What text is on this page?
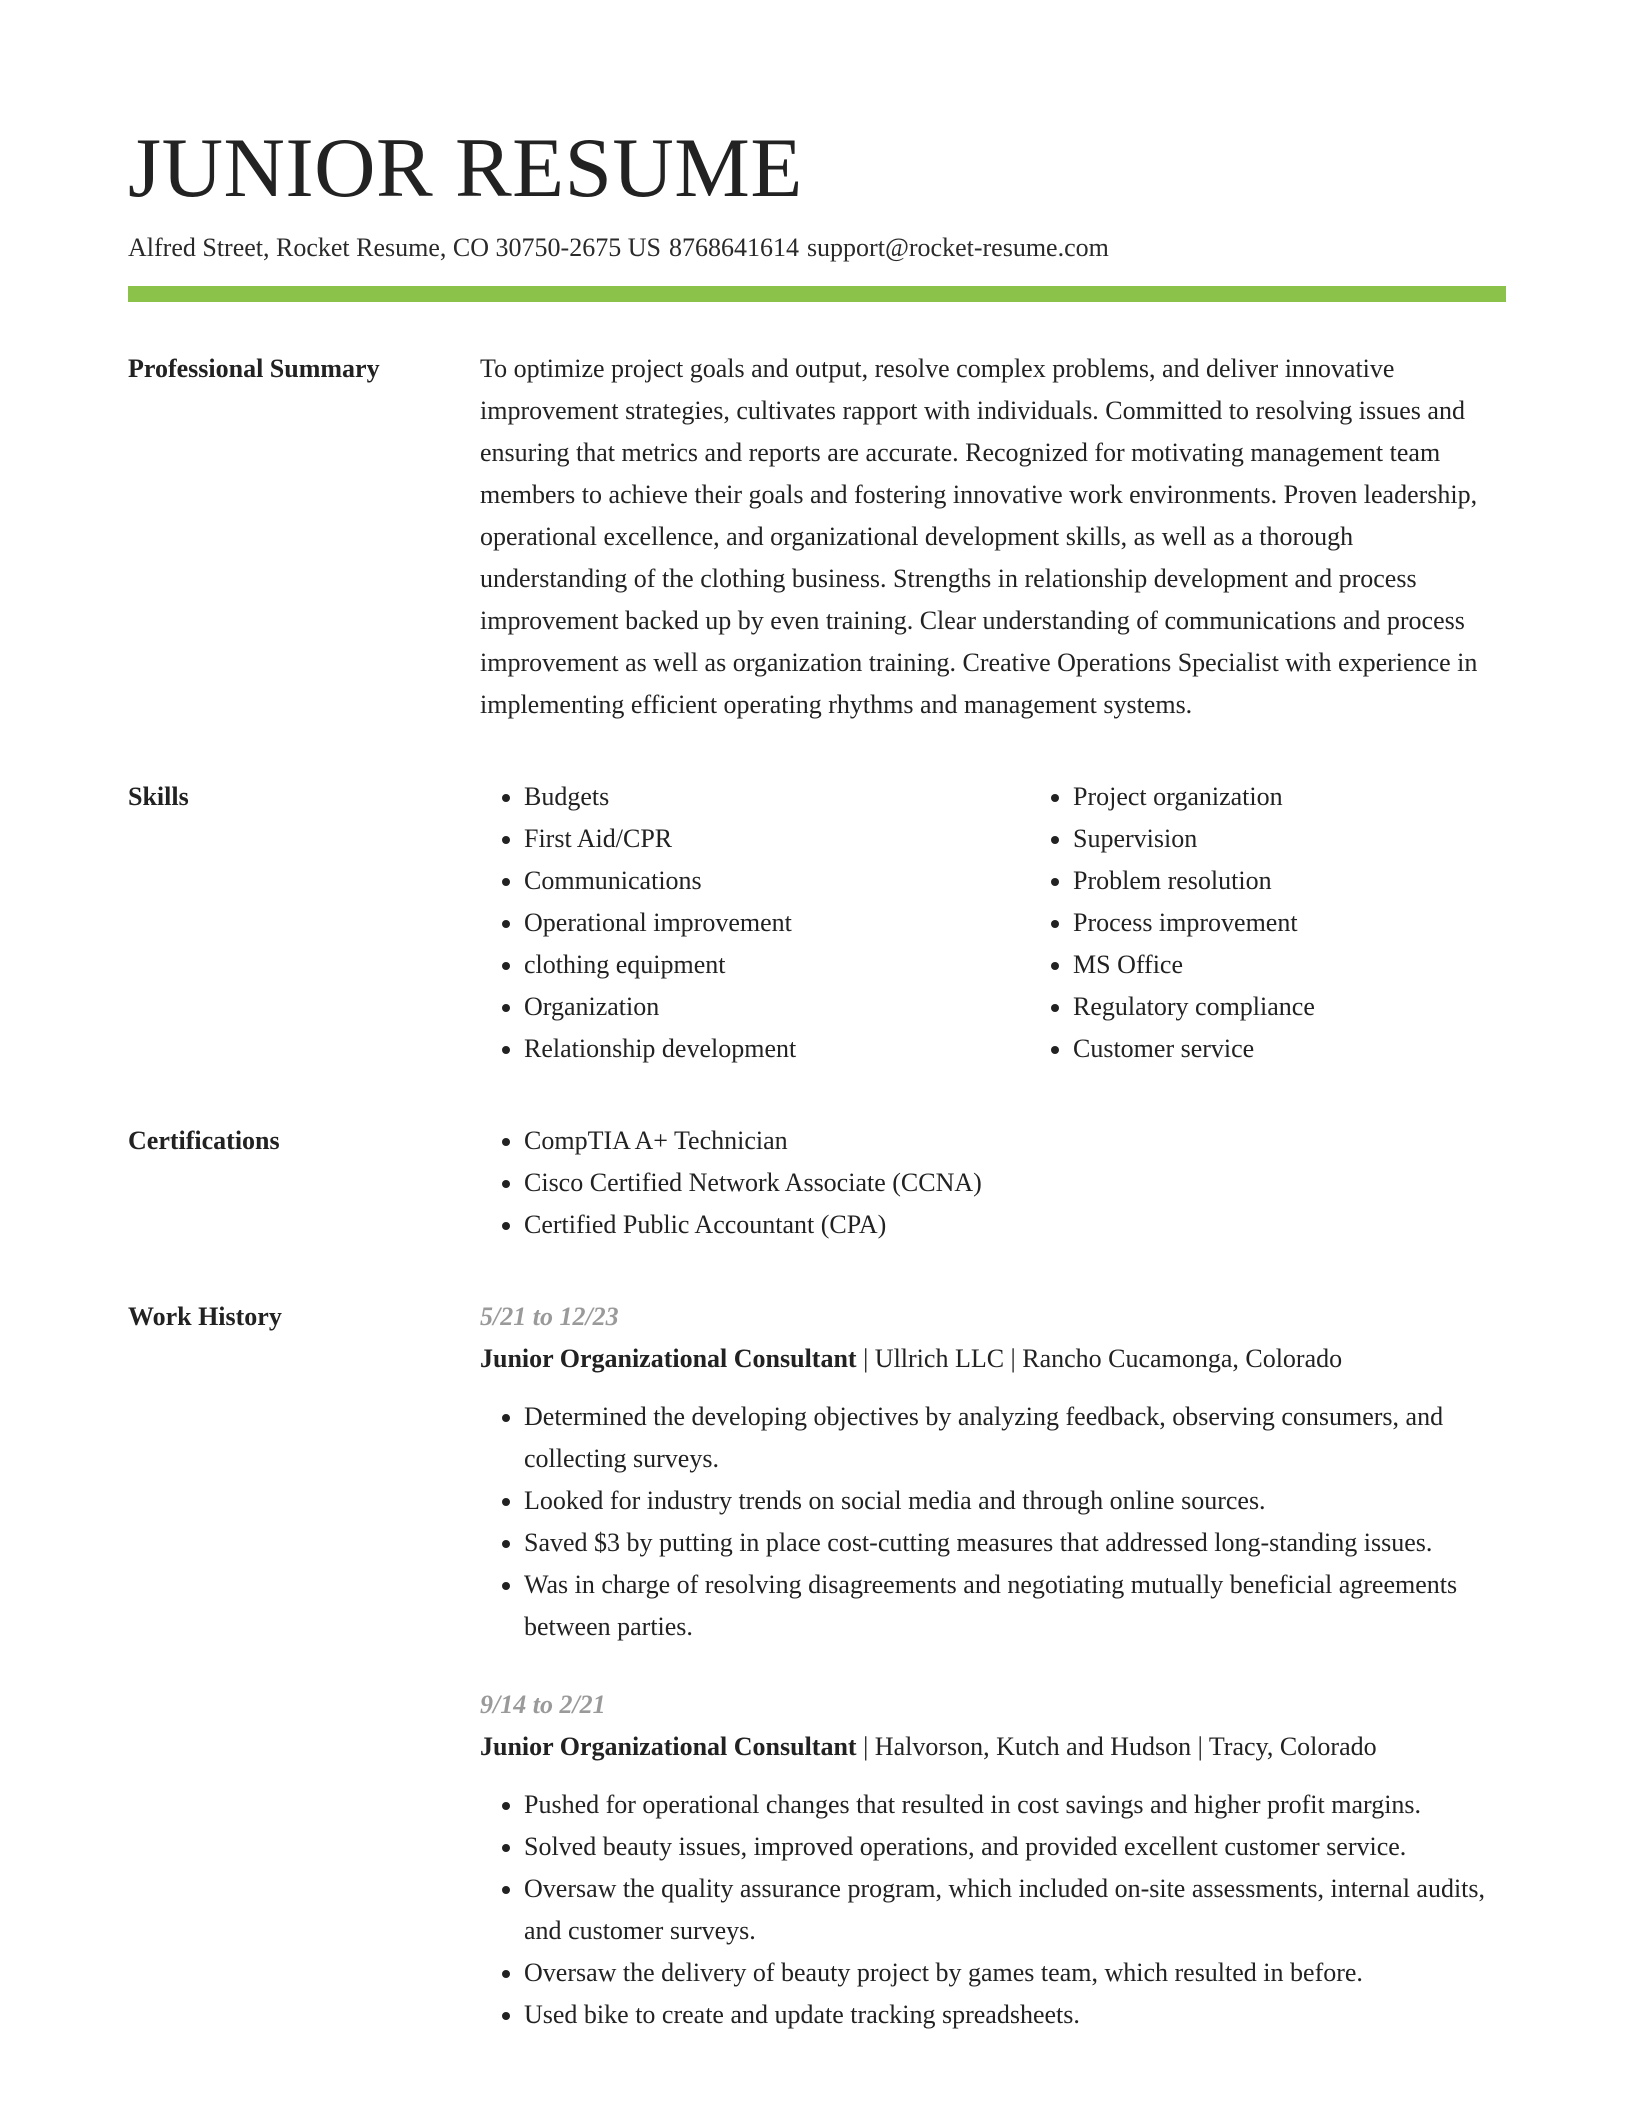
JUNIOR RESUME
Alfred Street, Rocket Resume, CO 30750-2675 US 8768641614 support@rocket-resume.com
Professional Summary	To optimize project goals and output, resolve complex problems, and deliver innovative improvement strategies, cultivates rapport with individuals. Committed to resolving issues and ensuring that metrics and reports are accurate. Recognized for motivating management team members to achieve their goals and fostering innovative work environments. Proven leadership, operational excellence, and organizational development skills, as well as a thorough understanding of the clothing business. Strengths in relationship development and process improvement backed up by even training. Clear understanding of communications and process improvement as well as organization training. Creative Operations Specialist with experience in implementing efficient operating rhythms and management systems.

Skills	• Budgets
• First Aid/CPR
• Communications
• Operational improvement
• clothing equipment
• Organization
• Relationship development
• Project organization
• Supervision
• Problem resolution
• Process improvement
• MS Office
• Regulatory compliance
• Customer service
Certifications	• CompTIA A+ Technician
• Cisco Certified Network Associate (CCNA)
• Certified Public Accountant (CPA)
Work History	5/21 to 12/23
Junior Organizational Consultant | Ullrich LLC | Rancho Cucamonga, Colorado
• Determined the developing objectives by analyzing feedback, observing consumers, and collecting surveys.
• Looked for industry trends on social media and through online sources.
• Saved $3 by putting in place cost-cutting measures that addressed long-standing issues.
• Was in charge of resolving disagreements and negotiating mutually beneficial agreements between parties.
9/14 to 2/21
Junior Organizational Consultant | Halvorson, Kutch and Hudson | Tracy, Colorado
• Pushed for operational changes that resulted in cost savings and higher profit margins.
• Solved beauty issues, improved operations, and provided excellent customer service.
• Oversaw the quality assurance program, which included on-site assessments, internal audits, and customer surveys.
• Oversaw the delivery of beauty project by games team, which resulted in before.
• Used bike to create and update tracking spreadsheets.
